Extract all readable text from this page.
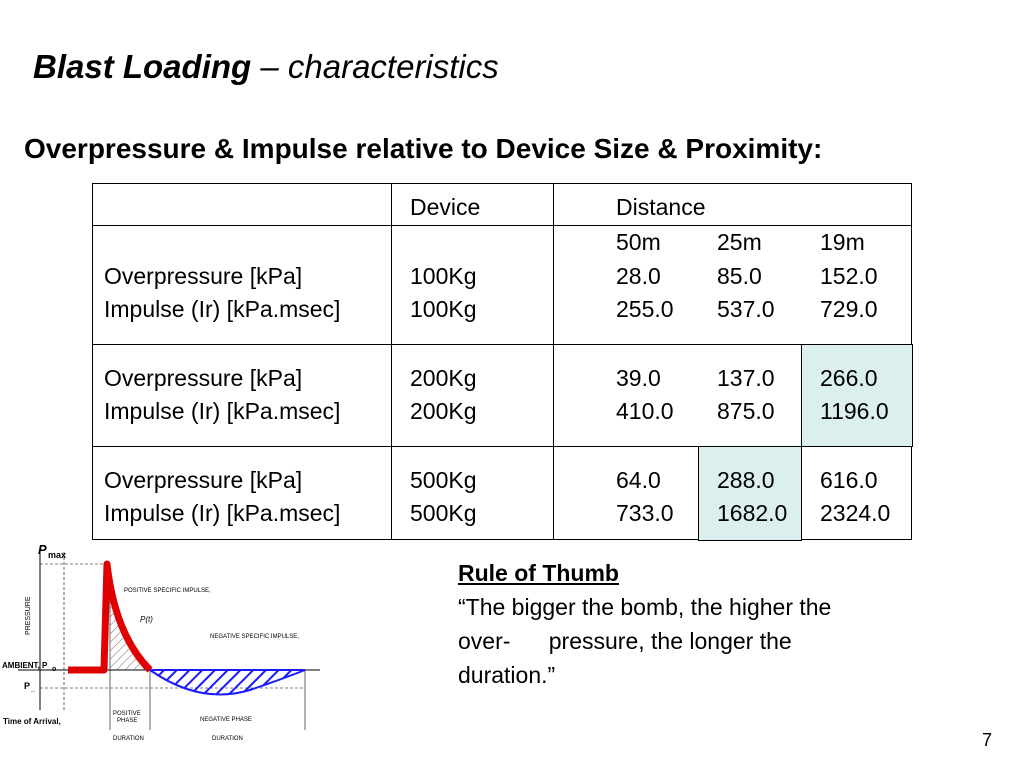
Blast Loading – characteristics
Overpressure & Impulse relative to Device Size & Proximity:
Device	Distance
50m 25m	19m
Overpressure [kPa]	100Kg	28.0 85.0	152.0
Impulse (Ir) [kPa.msec]	100Kg	255.0 537.0 729.0
Overpressure [kPa]	200Kg	39.0 137.0 266.0
Impulse (Ir) [kPa.msec]	200Kg	410.0 875.0 1196.0
Overpressure [kPa]	500Kg	64.0 288.0 616.0
Impulse (Ir) [kPa.msec]	500Kg	733.0 1682.0 2324.0
P max
PRESSURE
AMBIENT, P o
P _
POSITIVE SPECIFIC IMPULSE,
P(t)
NEGATIVE SPECIFIC IMPULSE,
Time of Arrival,
POSITIVE
PHASE	NEGATIVE PHASE
DURATION	DURATION
Rule of Thumb
“The bigger the bomb, the higher the
over- pressure, the longer the
duration.”
7
